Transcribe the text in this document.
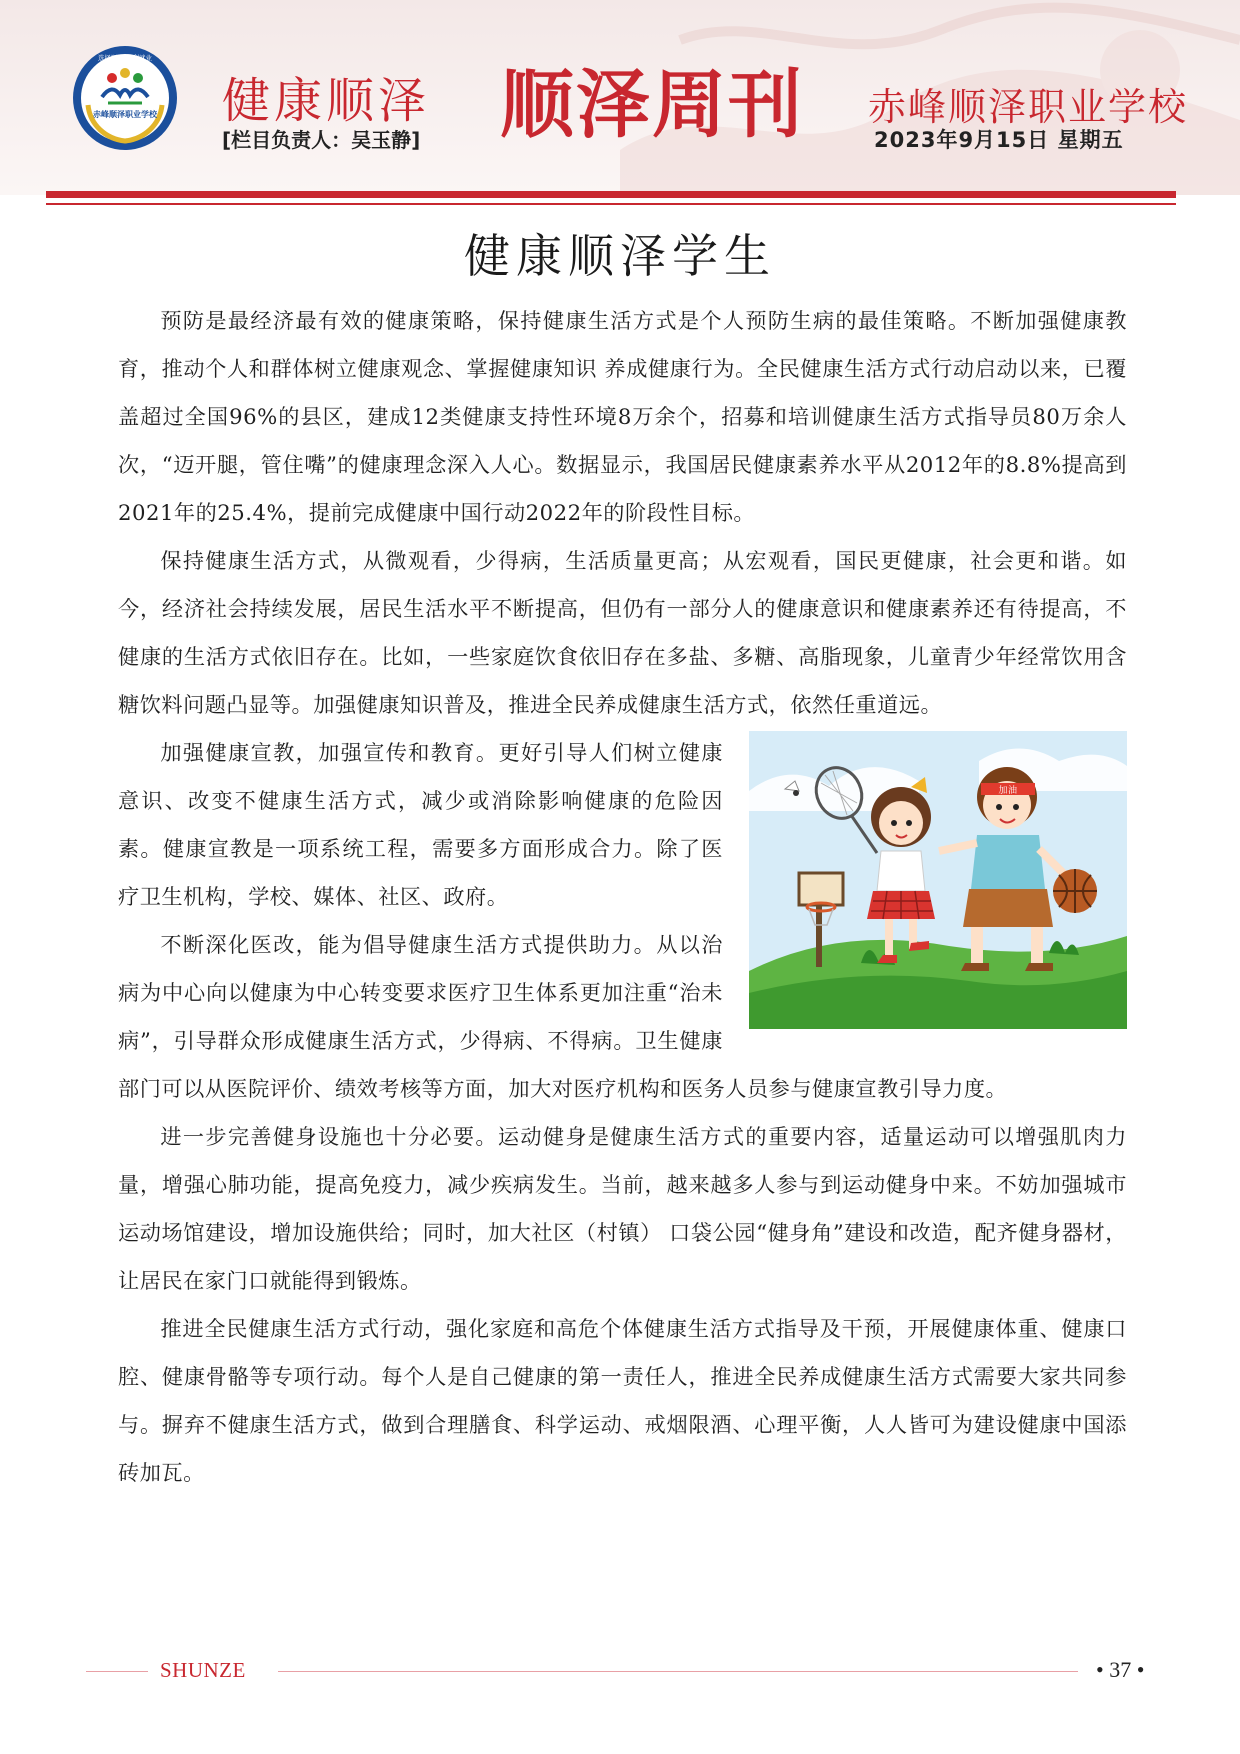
赤峰顺泽职业学校
选择顺泽 顺利就业
健康顺泽
[栏目负责人：吴玉静] 顺泽周刊 赤峰顺泽职业学校
2023年9月15日 星期五
健康顺泽学生

预防是最经济最有效的健康策略，保持健康生活方式是个人预防生病的最佳策略。不断加强健康教育，推动个人和群体树立健康观念、掌握健康知识 养成健康行为。全民健康生活方式行动启动以来，已覆盖超过全国96%的县区，建成12类健康支持性环境8万余个，招募和培训健康生活方式指导员80万余人次，“迈开腿，管住嘴”的健康理念深入人心。数据显示，我国居民健康素养水平从2012年的8.8%提高到2021年的25.4%，提前完成健康中国行动2022年的阶段性目标。

保持健康生活方式，从微观看，少得病，生活质量更高；从宏观看，国民更健康，社会更和谐。如今，经济社会持续发展，居民生活水平不断提高，但仍有一部分人的健康意识和健康素养还有待提高，不健康的生活方式依旧存在。比如，一些家庭饮食依旧存在多盐、多糖、高脂现象，儿童青少年经常饮用含糖饮料问题凸显等。加强健康知识普及，推进全民养成健康生活方式，依然任重道远。

加油

加强健康宣教，加强宣传和教育。更好引导人们树立健康意识、改变不健康生活方式，减少或消除影响健康的危险因素。健康宣教是一项系统工程，需要多方面形成合力。除了医疗卫生机构，学校、媒体、社区、政府。

不断深化医改，能为倡导健康生活方式提供助力。从以治病为中心向以健康为中心转变要求医疗卫生体系更加注重“治未病”，引导群众形成健康生活方式，少得病、不得病。卫生健康部门可以从医院评价、绩效考核等方面，加大对医疗机构和医务人员参与健康宣教引导力度。

进一步完善健身设施也十分必要。运动健身是健康生活方式的重要内容，适量运动可以增强肌肉力量，增强心肺功能，提高免疫力，减少疾病发生。当前，越来越多人参与到运动健身中来。不妨加强城市运动场馆建设，增加设施供给；同时，加大社区（村镇） 口袋公园“健身角”建设和改造，配齐健身器材，让居民在家门口就能得到锻炼。

推进全民健康生活方式行动，强化家庭和高危个体健康生活方式指导及干预，开展健康体重、健康口腔、健康骨骼等专项行动。每个人是自己健康的第一责任人，推进全民养成健康生活方式需要大家共同参与。摒弃不健康生活方式，做到合理膳食、科学运动、戒烟限酒、心理平衡，人人皆可为建设健康中国添砖加瓦。

SHUNZE	• 37 •
